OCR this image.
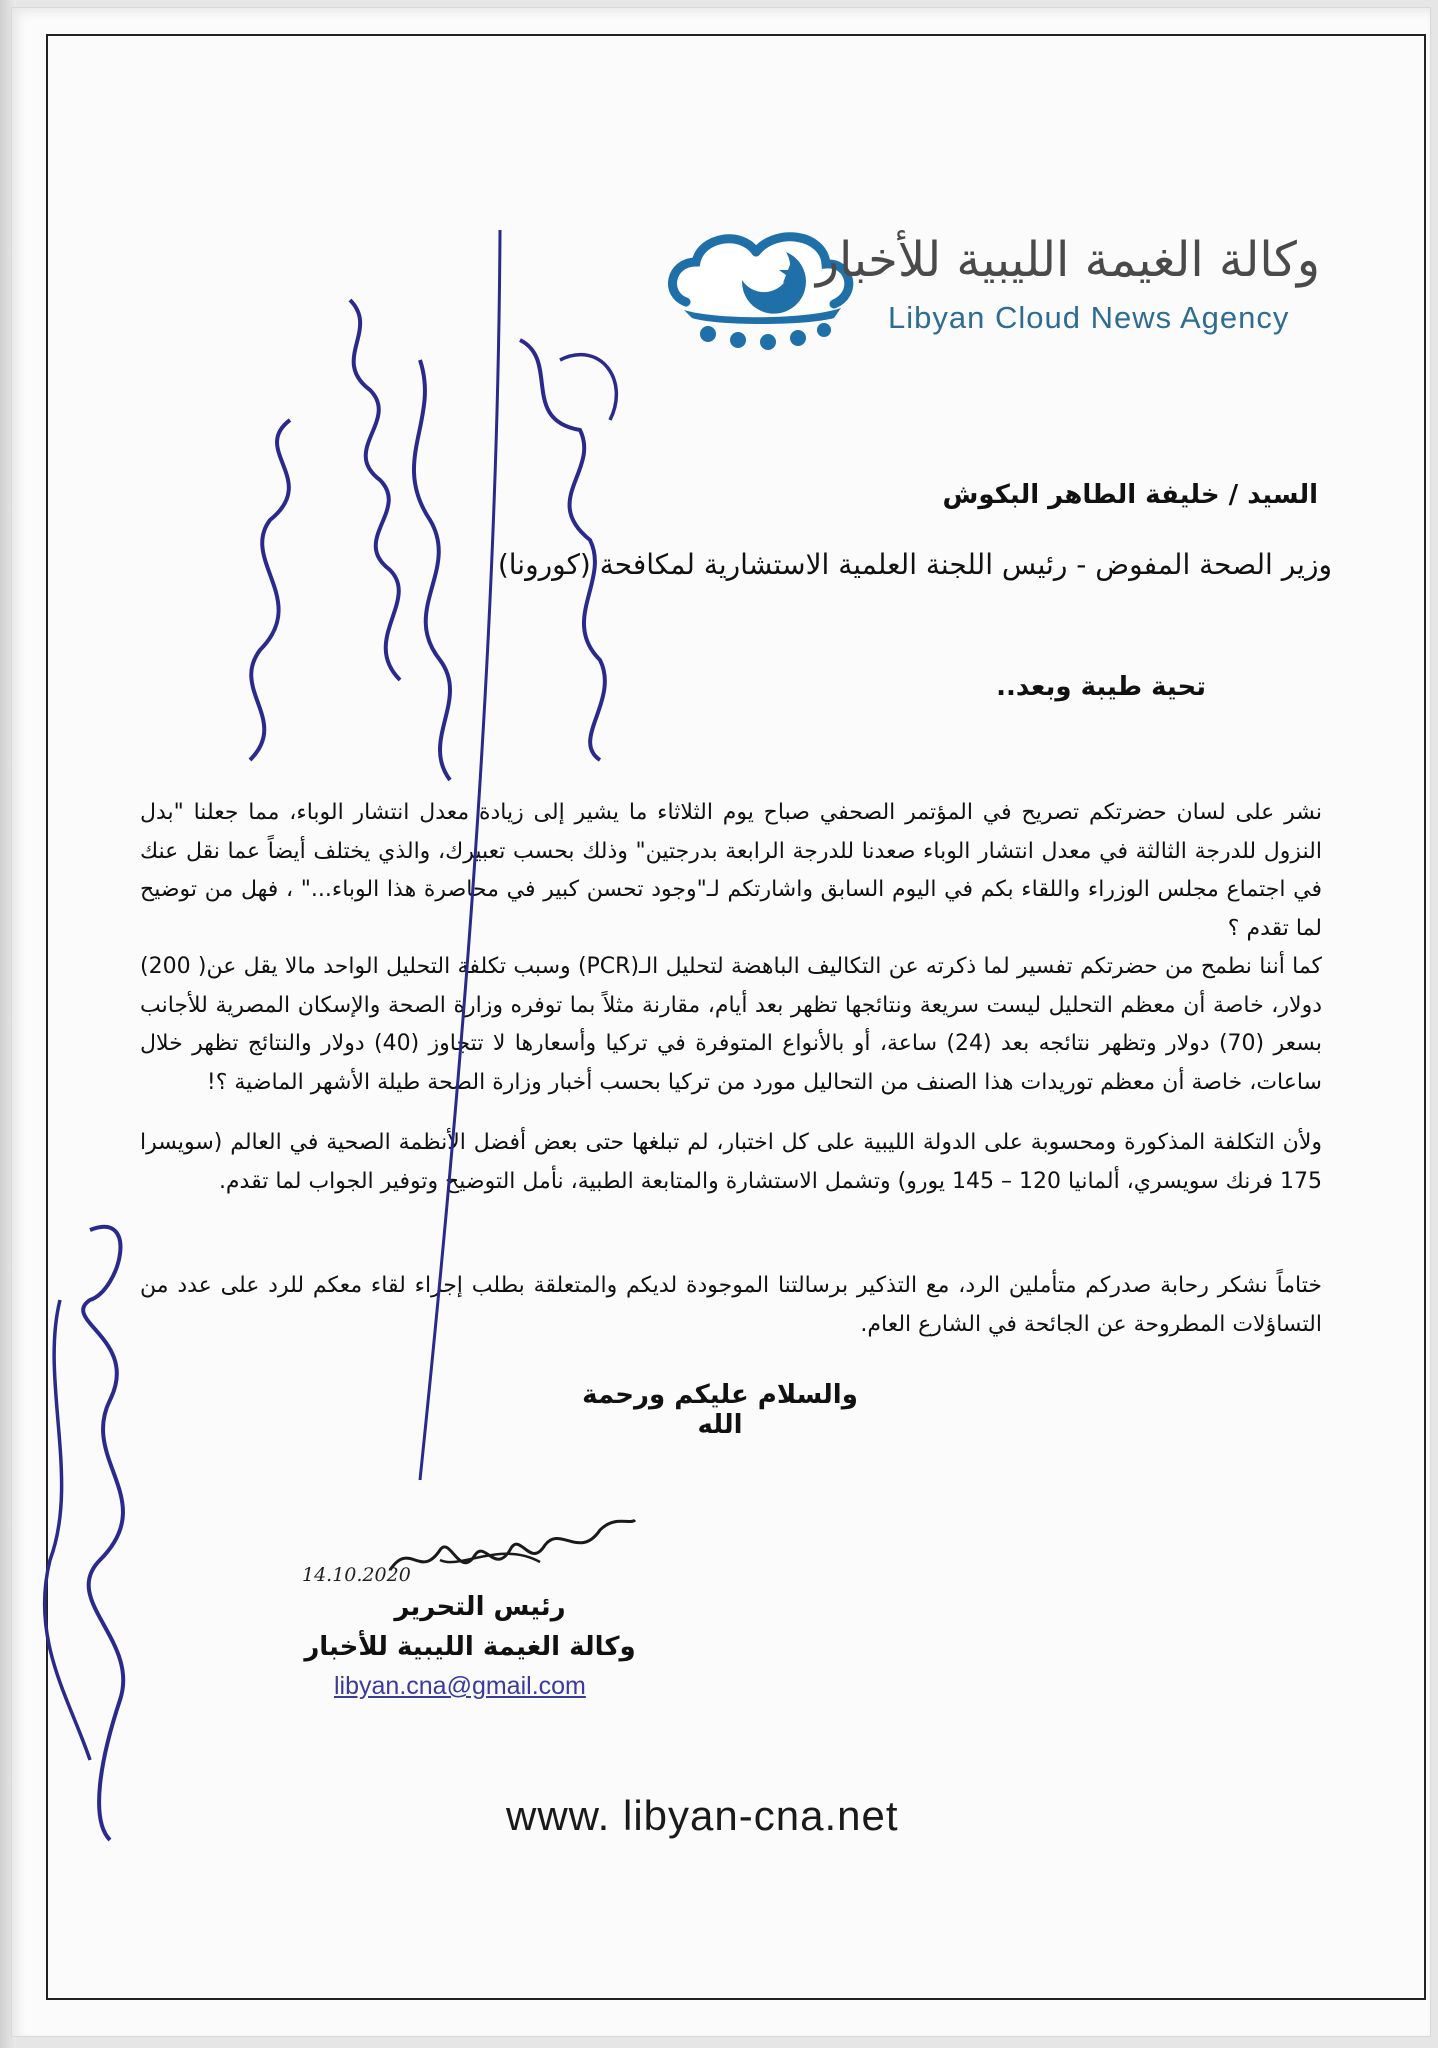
وكالة الغيمة الليبية للأخبار
Libyan Cloud News Agency
السيد / خليفة الطاهر البكوش
وزير الصحة المفوض - رئيس اللجنة العلمية الاستشارية لمكافحة (كورونا)
تحية طيبة وبعد..

نشر على لسان حضرتكم تصريح في المؤتمر الصحفي صباح يوم الثلاثاء ما يشير إلى زيادة معدل انتشار الوباء، مما جعلنا "بدل النزول للدرجة الثالثة في معدل انتشار الوباء صعدنا للدرجة الرابعة بدرجتين" وذلك بحسب تعبيرك، والذي يختلف أيضاً عما نقل عنك في اجتماع مجلس الوزراء واللقاء بكم في اليوم السابق واشارتكم لـ"وجود تحسن كبير في محاصرة هذا الوباء..." ، فهل من توضيح لما تقدم ؟

كما أننا نطمح من حضرتكم تفسير لما ذكرته عن التكاليف الباهضة لتحليل الـ(PCR) وسبب تكلفة التحليل الواحد مالا يقل عن( 200) دولار، خاصة أن معظم التحليل ليست سريعة ونتائجها تظهر بعد أيام، مقارنة مثلاً بما توفره وزارة الصحة والإسكان المصرية للأجانب بسعر (70) دولار وتظهر نتائجه بعد (24) ساعة، أو بالأنواع المتوفرة في تركيا وأسعارها لا تتجاوز (40) دولار والنتائج تظهر خلال ساعات، خاصة أن معظم توريدات هذا الصنف من التحاليل مورد من تركيا بحسب أخبار وزارة الصحة طيلة الأشهر الماضية ؟!

ولأن التكلفة المذكورة ومحسوبة على الدولة الليبية على كل اختبار، لم تبلغها حتى بعض أفضل الأنظمة الصحية في العالم (سويسرا 175 فرنك سويسري، ألمانيا 120 – 145 يورو) وتشمل الاستشارة والمتابعة الطبية، نأمل التوضيح وتوفير الجواب لما تقدم.

ختاماً نشكر رحابة صدركم متأملين الرد، مع التذكير برسالتنا الموجودة لديكم والمتعلقة بطلب إجراء لقاء معكم للرد على عدد من التساؤلات المطروحة عن الجائحة في الشارع العام.

والسلام عليكم ورحمة الله
14.10.2020
رئيس التحرير
وكالة الغيمة الليبية للأخبار
libyan.cna@gmail.com
www. libyan-cna.net
